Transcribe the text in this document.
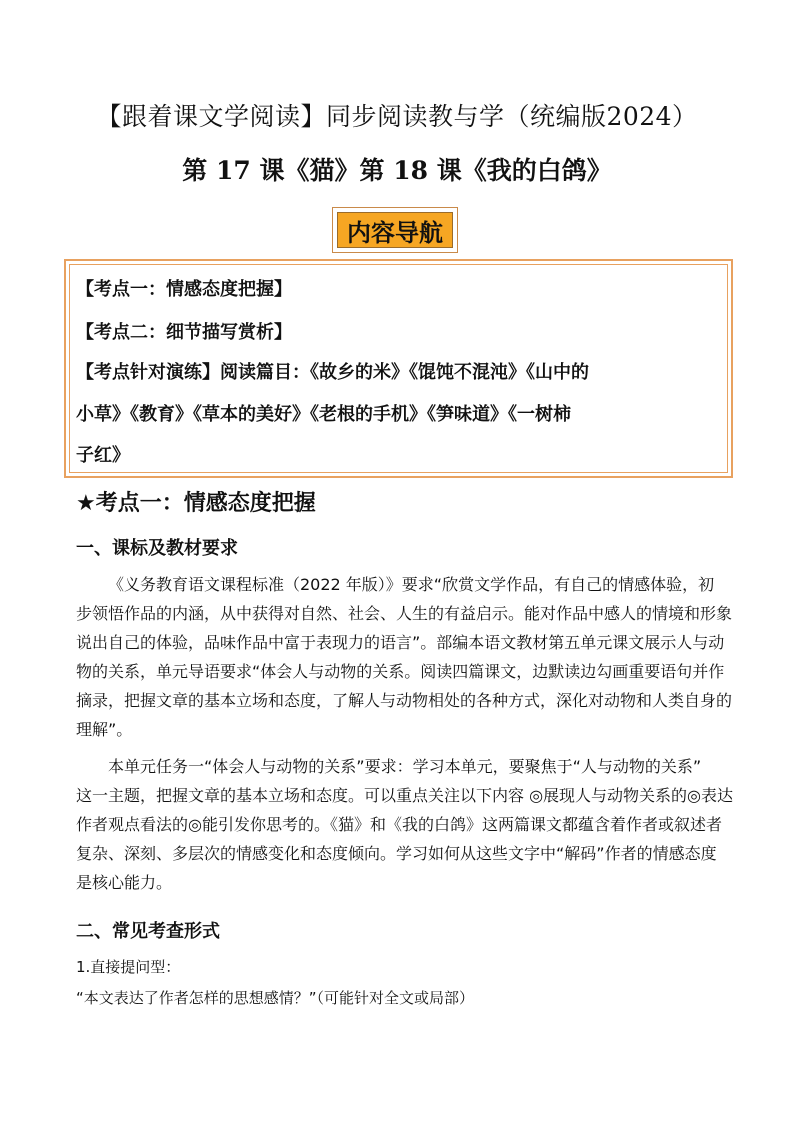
【跟着课文学阅读】同步阅读教与学（统编版2024）
第 17 课《猫》第 18 课《我的白鸽》
内容导航
【考点一：情感态度把握】
【考点二：细节描写赏析】
【考点针对演练】阅读篇目：《故乡的米》《馄饨不混沌》《山中的
小草》《教育》《草本的美好》《老根的手机》《笋味道》《一树柿
子红》
★考点一：情感态度把握
一、课标及教材要求
《义务教育语文课程标准（2022 年版）》要求“欣赏文学作品，有自己的情感体验，初
步领悟作品的内涵，从中获得对自然、社会、人生的有益启示。能对作品中感人的情境和形象
说出自己的体验，品味作品中富于表现力的语言”。部编本语文教材第五单元课文展示人与动
物的关系，单元导语要求“体会人与动物的关系。阅读四篇课文，边默读边勾画重要语句并作
摘录，把握文章的基本立场和态度，了解人与动物相处的各种方式，深化对动物和人类自身的
理解”。
本单元任务一“体会人与动物的关系”要求：学习本单元，要聚焦于“人与动物的关系”
这一主题，把握文章的基本立场和态度。可以重点关注以下内容 ◎展现人与动物关系的◎表达
作者观点看法的◎能引发你思考的。《猫》和《我的白鸽》这两篇课文都蕴含着作者或叙述者
复杂、深刻、多层次的情感变化和态度倾向。学习如何从这些文字中“解码”作者的情感态度
是核心能力。
二、常见考查形式
1.直接提问型：
“本文表达了作者怎样的思想感情？”（可能针对全文或局部）
